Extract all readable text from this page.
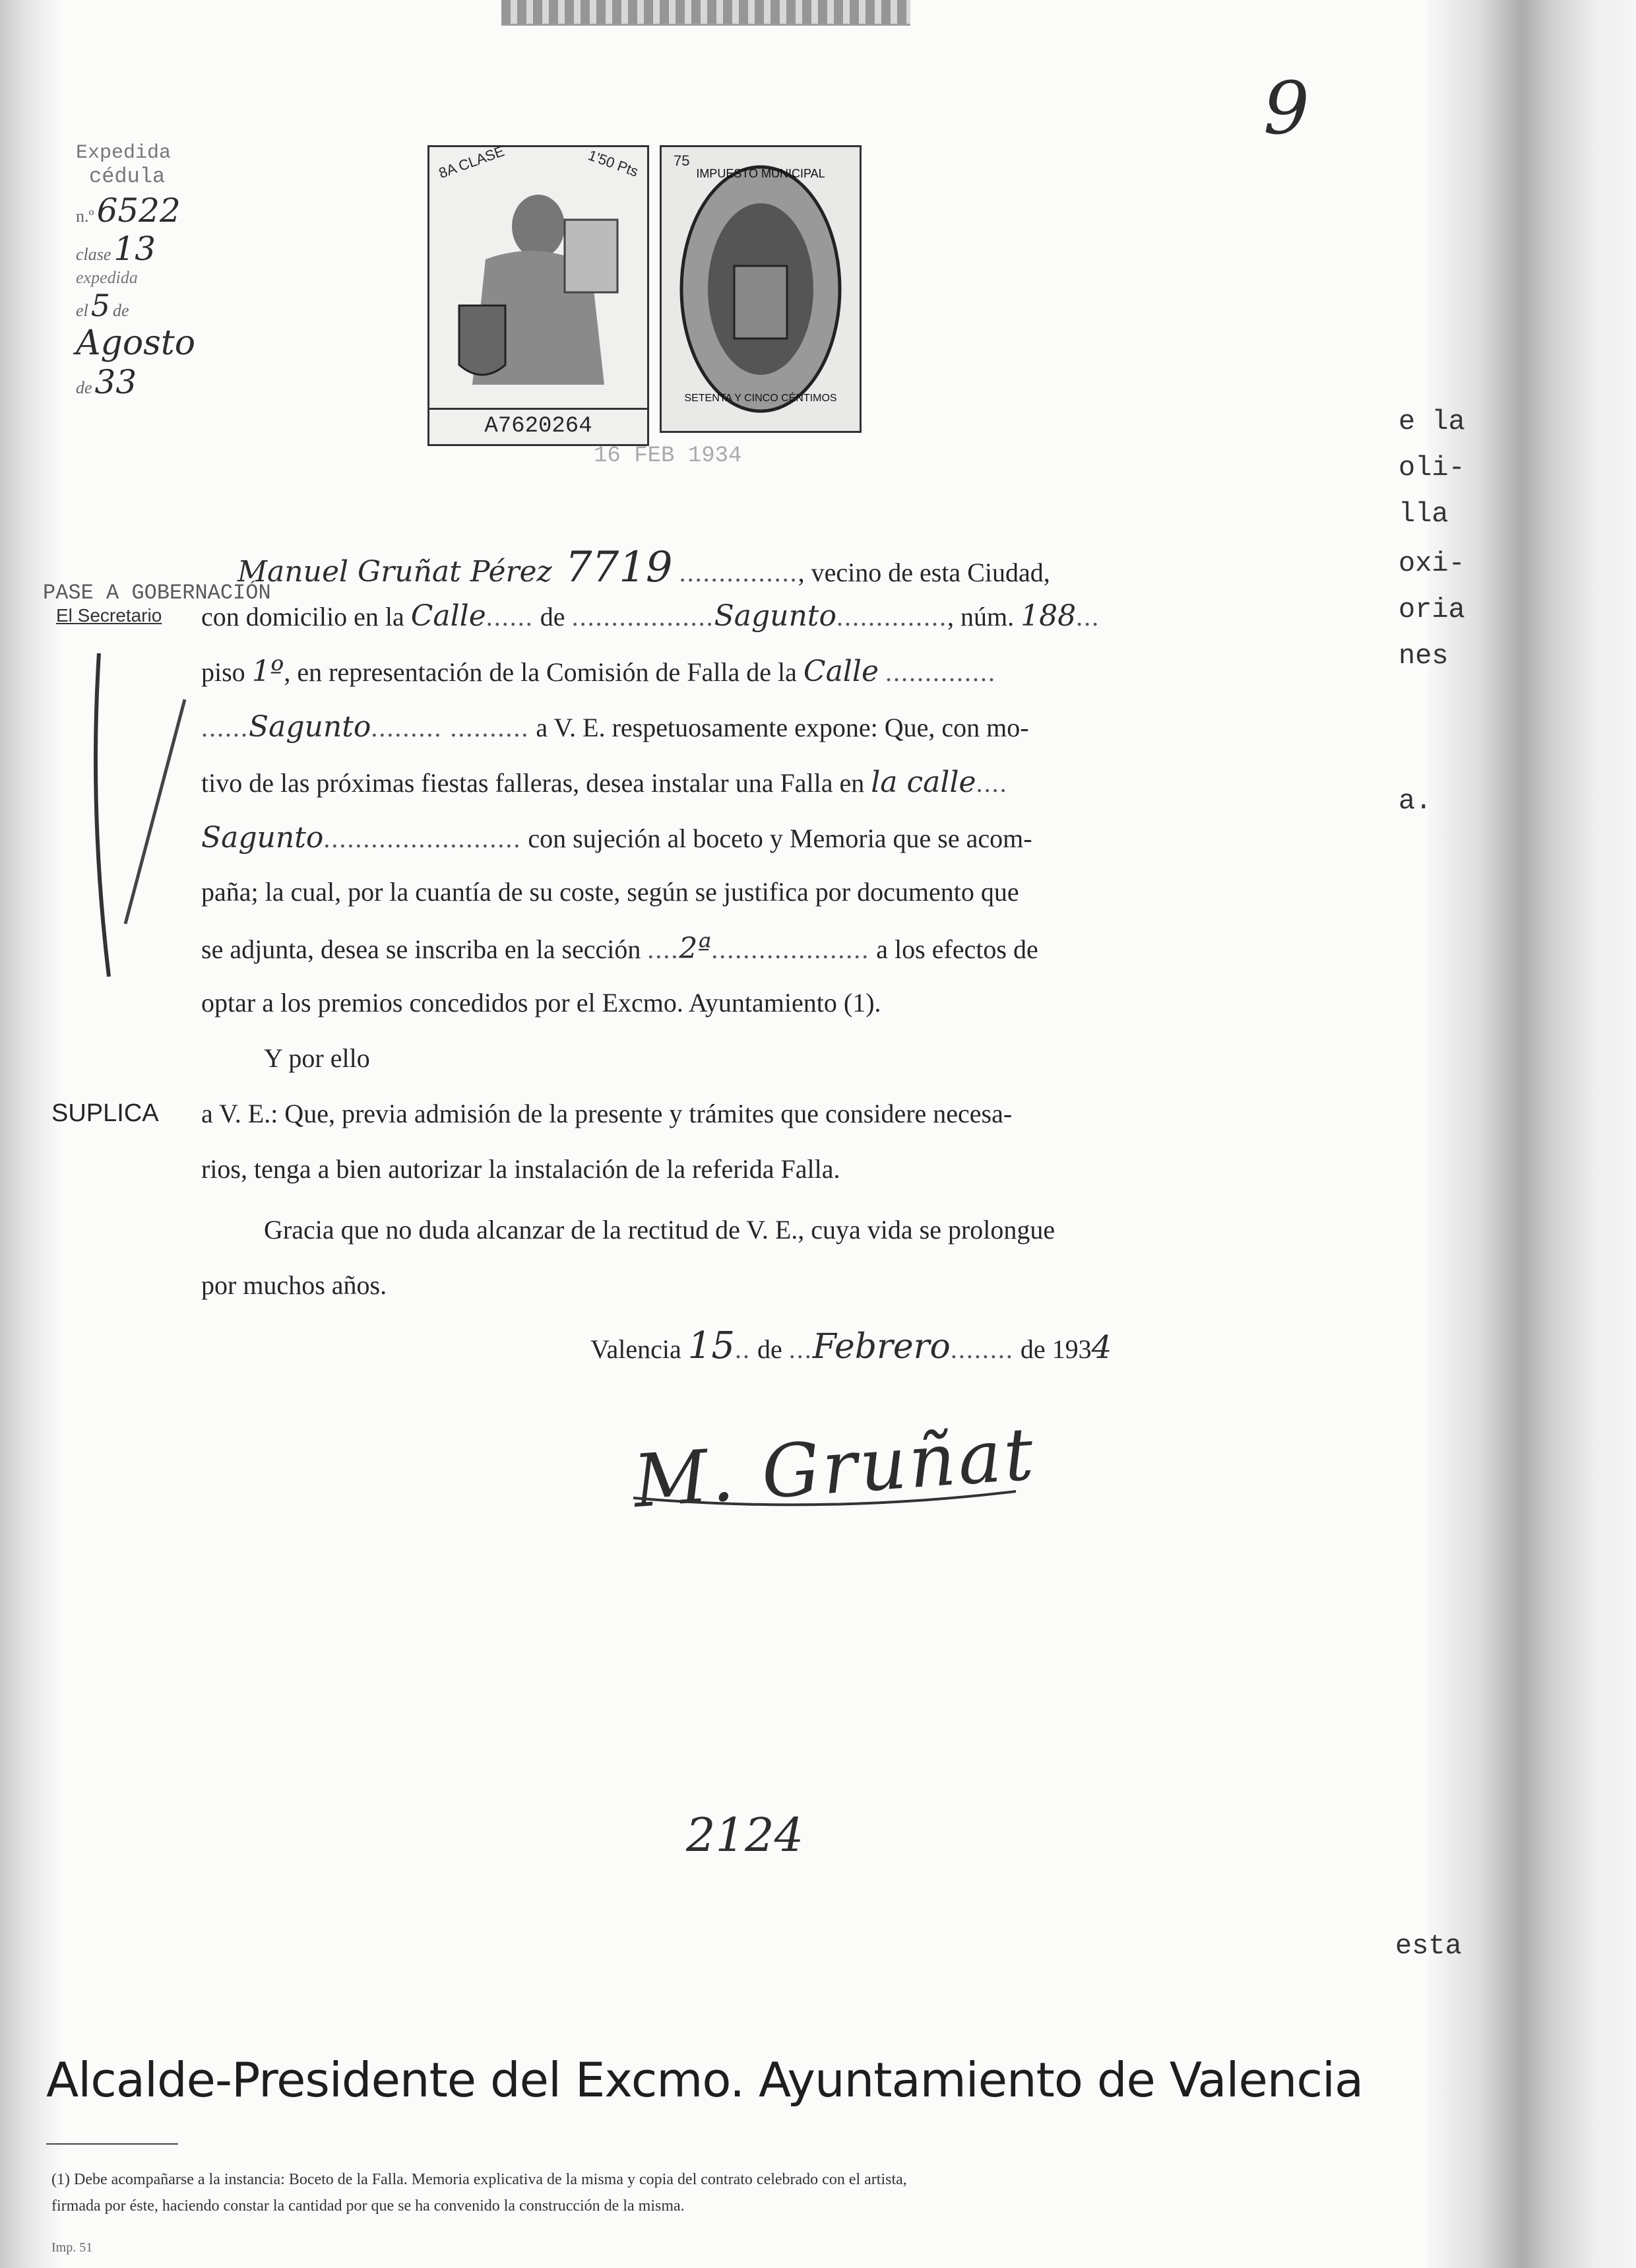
9
Expedida
cédula
n.º 6522
clase 13
expedida
el 5 de
Agosto
de 33
PASE A GOBERNACIÓN
El Secretario
8A CLASE	1'50 Pts
A7620264
IMPUESTO MUNICIPAL
SETENTA Y CINCO CÉNTIMOS
75
16 FEB 1934
Manuel Gruñat Pérez 7719 ..............., vecino de esta Ciudad,
con domicilio en la Calle...... de ..................Sagunto.............., núm. 188...
piso 1º, en representación de la Comisión de Falla de la Calle ..............
......Sagunto......... .......... a V. E. respetuosamente expone: Que, con mo-
tivo de las próximas fiestas falleras, desea instalar una Falla en la calle....
Sagunto......................... con sujeción al boceto y Memoria que se acom-
paña; la cual, por la cuantía de su coste, según se justifica por documento que
se adjunta, desea se inscriba en la sección ....2ª.................... a los efectos de
optar a los premios concedidos por el Excmo. Ayuntamiento (1).
Y por ello
SUPLICA a V. E.: Que, previa admisión de la presente y trámites que considere necesa-
rios, tenga a bien autorizar la instalación de la referida Falla.
Gracia que no duda alcanzar de la rectitud de V. E., cuya vida se prolongue
por muchos años.
Valencia 15.. de ...Febrero........ de 1934
M. Gruñat
2124
e la
oli-
lla
oxi-
oria
nes
a.
esta
Alcalde-Presidente del Excmo. Ayuntamiento de Valencia
(1) Debe acompañarse a la instancia: Boceto de la Falla. Memoria explicativa de la misma y copia del contrato celebrado con el artista,
firmada por éste, haciendo constar la cantidad por que se ha convenido la construcción de la misma.
Imp. 51
